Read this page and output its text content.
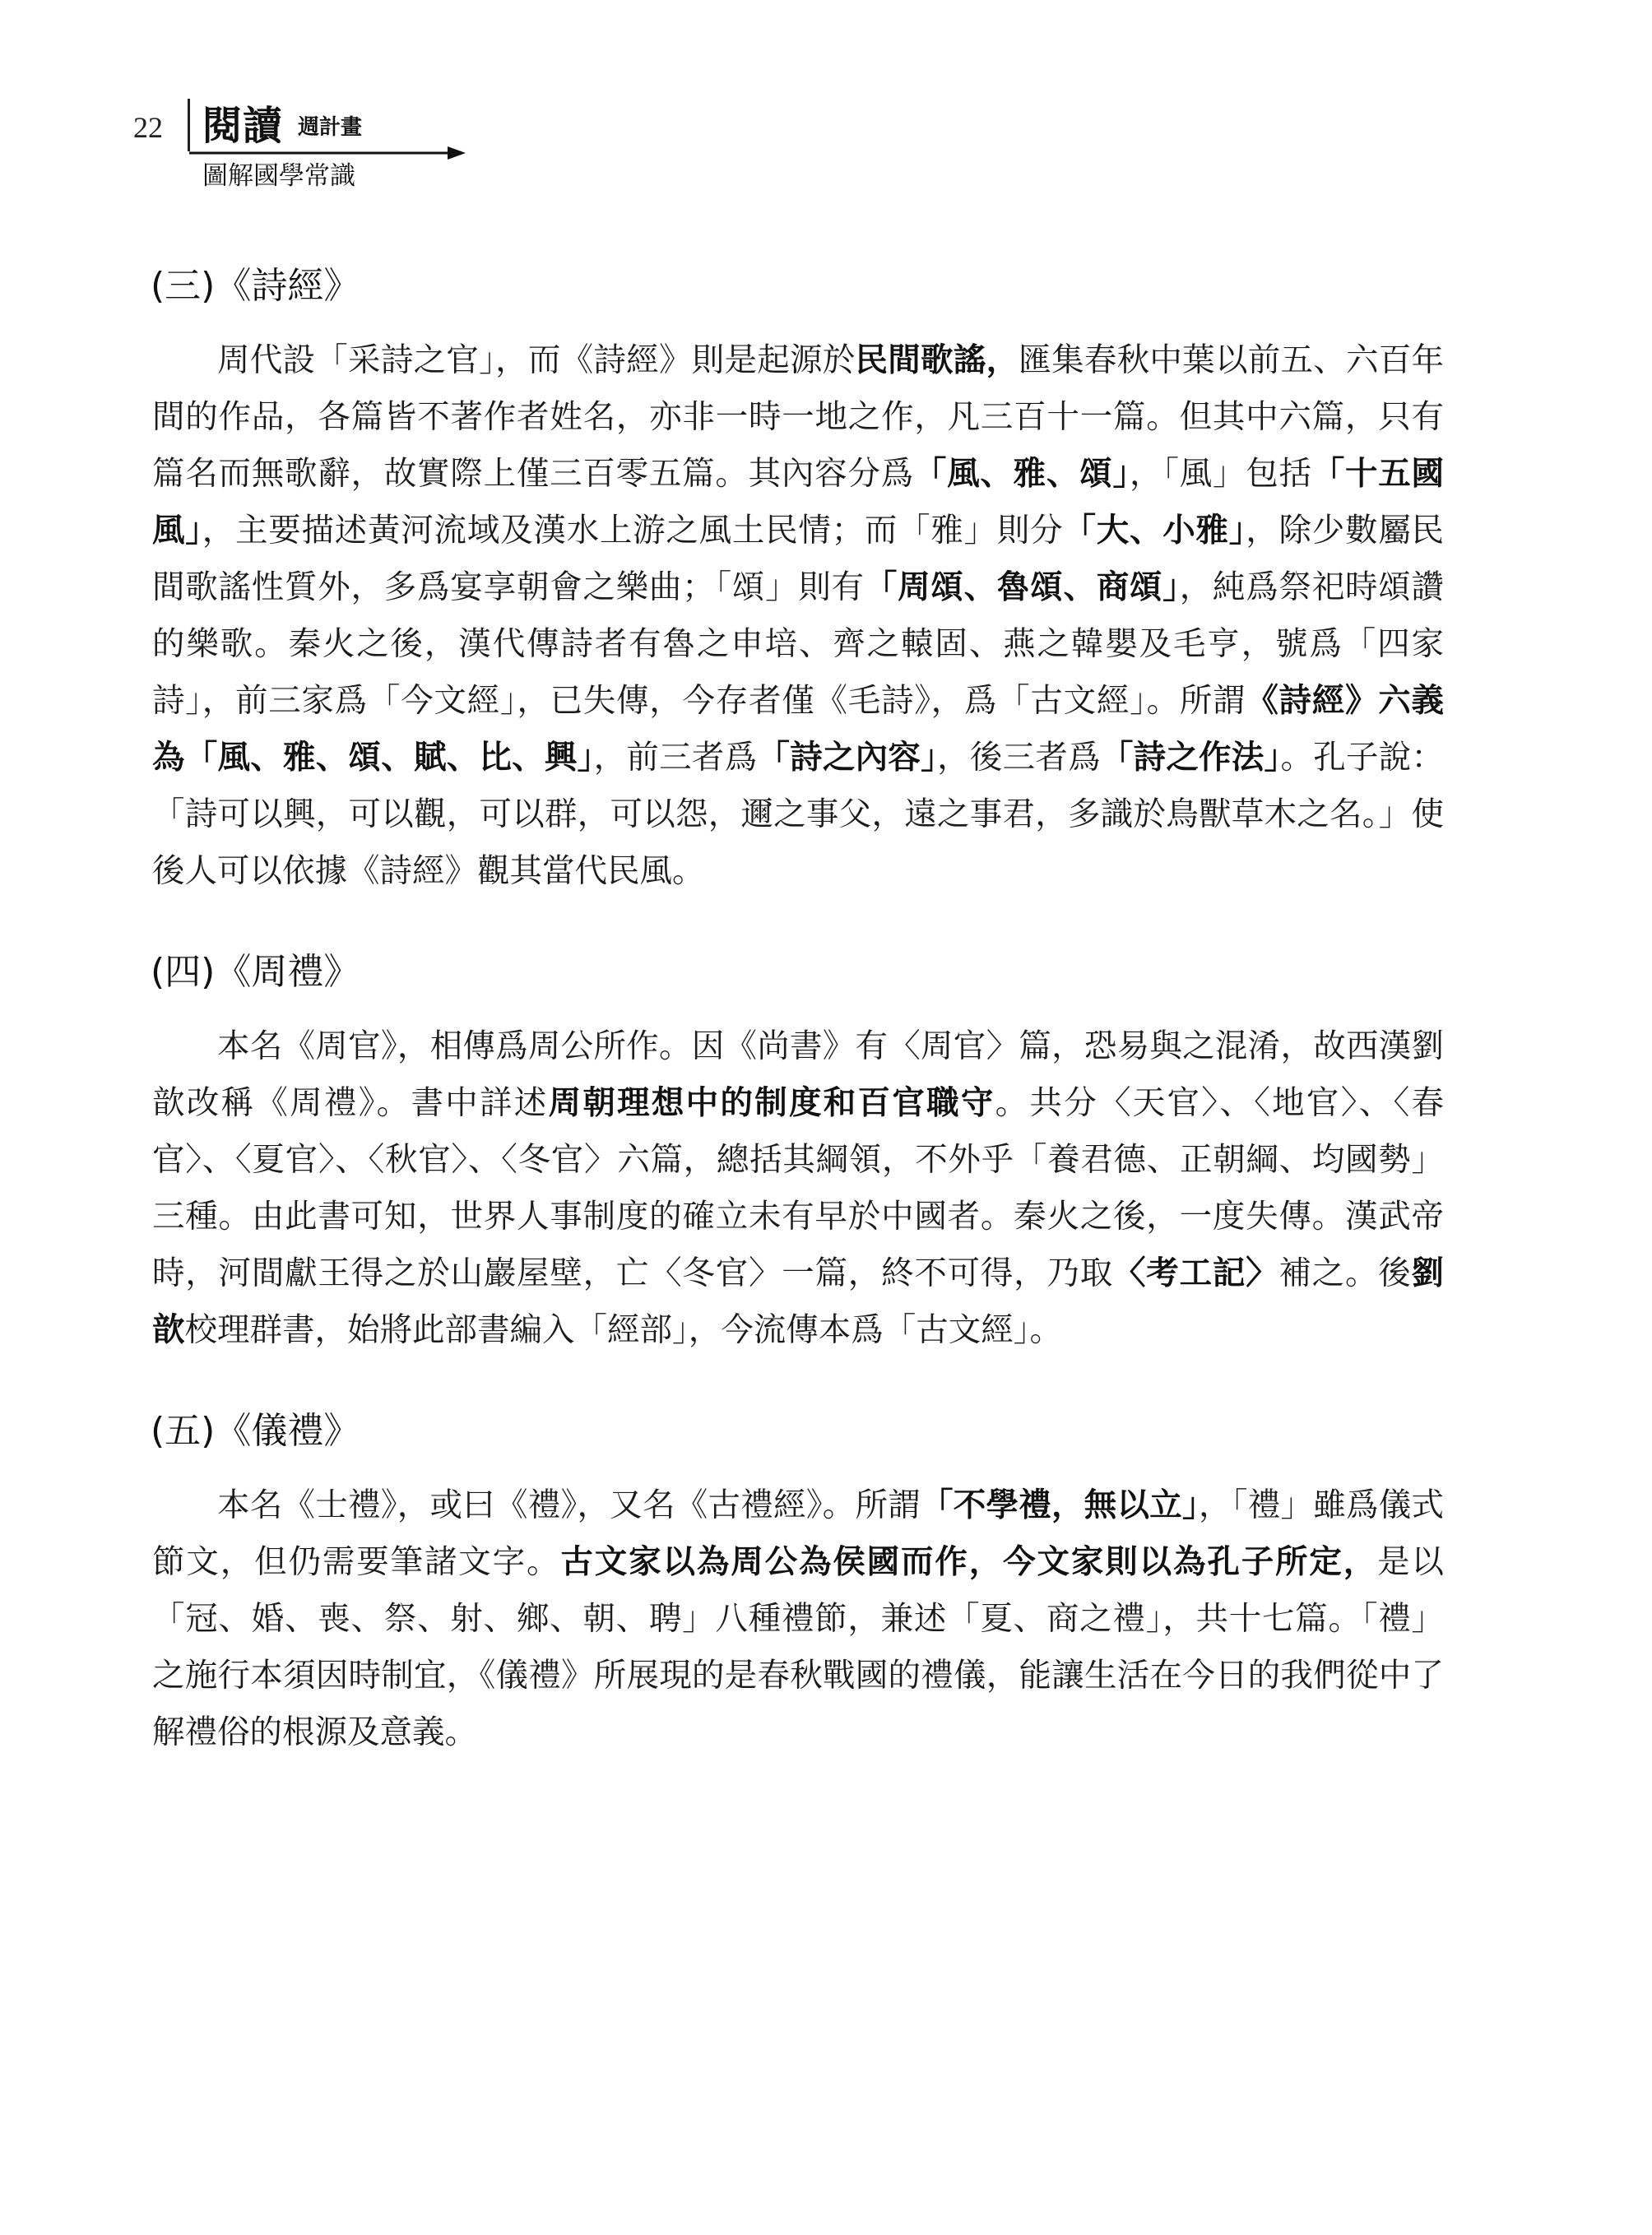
22 閱讀 週計畫
圖解國學常識
(三)《詩經》

周代設「采詩之官」，而《詩經》則是起源於民間歌謠，匯集春秋中葉以前五、六百年間的作品，各篇皆不著作者姓名，亦非一時一地之作，凡三百十一篇。但其中六篇，只有篇名而無歌辭，故實際上僅三百零五篇。其內容分爲「風、雅、頌」，「風」包括「十五國風」，主要描述黃河流域及漢水上游之風土民情；而「雅」則分「大、小雅」，除少數屬民間歌謠性質外，多爲宴享朝會之樂曲；「頌」則有「周頌、魯頌、商頌」，純爲祭祀時頌讚的樂歌。秦火之後，漢代傳詩者有魯之申培、齊之轅固、燕之韓嬰及毛亨，號爲「四家詩」，前三家爲「今文經」，已失傳，今存者僅《毛詩》，爲「古文經」。所謂《詩經》六義為「風、雅、頌、賦、比、興」，前三者爲「詩之內容」，後三者爲「詩之作法」。孔子說：「詩可以興，可以觀，可以群，可以怨，邇之事父，遠之事君，多識於鳥獸草木之名。」使後人可以依據《詩經》觀其當代民風。

(四)《周禮》

本名《周官》，相傳爲周公所作。因《尚書》有〈周官〉篇，恐易與之混淆，故西漢劉歆改稱《周禮》。書中詳述周朝理想中的制度和百官職守。共分〈天官〉、〈地官〉、〈春官〉、〈夏官〉、〈秋官〉、〈冬官〉六篇，總括其綱領，不外乎「養君德、正朝綱、均國勢」三種。由此書可知，世界人事制度的確立未有早於中國者。秦火之後，一度失傳。漢武帝時，河間獻王得之於山巖屋壁，亡〈冬官〉一篇，終不可得，乃取〈考工記〉補之。後劉歆校理群書，始將此部書編入「經部」，今流傳本爲「古文經」。

(五)《儀禮》

本名《士禮》，或曰《禮》，又名《古禮經》。所謂「不學禮，無以立」，「禮」雖爲儀式節文，但仍需要筆諸文字。古文家以為周公為侯國而作，今文家則以為孔子所定，是以「冠、婚、喪、祭、射、鄉、朝、聘」八種禮節，兼述「夏、商之禮」，共十七篇。「禮」之施行本須因時制宜，《儀禮》所展現的是春秋戰國的禮儀，能讓生活在今日的我們從中了解禮俗的根源及意義。
